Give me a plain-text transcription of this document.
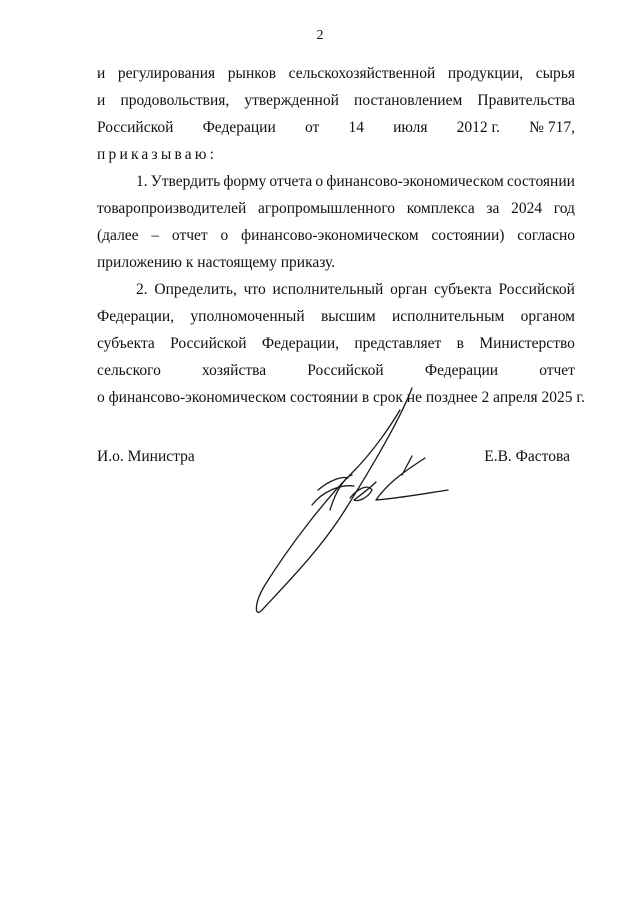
2
и регулирования рынков сельскохозяйственной продукции, сырья
и продовольствия, утвержденной постановлением Правительства
Российской Федерации от 14 июля 2012 г. № 717,
приказываю:
1. Утвердить форму отчета о финансово-экономическом состоянии
товаропроизводителей агропромышленного комплекса за 2024 год
(далее – отчет о финансово-экономическом состоянии) согласно
приложению к настоящему приказу.
2. Определить, что исполнительный орган субъекта Российской
Федерации, уполномоченный высшим исполнительным органом
субъекта Российской Федерации, представляет в Министерство
сельского	хозяйства	Российской	Федерации	отчет
о финансово-экономическом состоянии в срок не позднее 2 апреля 2025 г.
И.о. Министра	Е.В. Фастова
